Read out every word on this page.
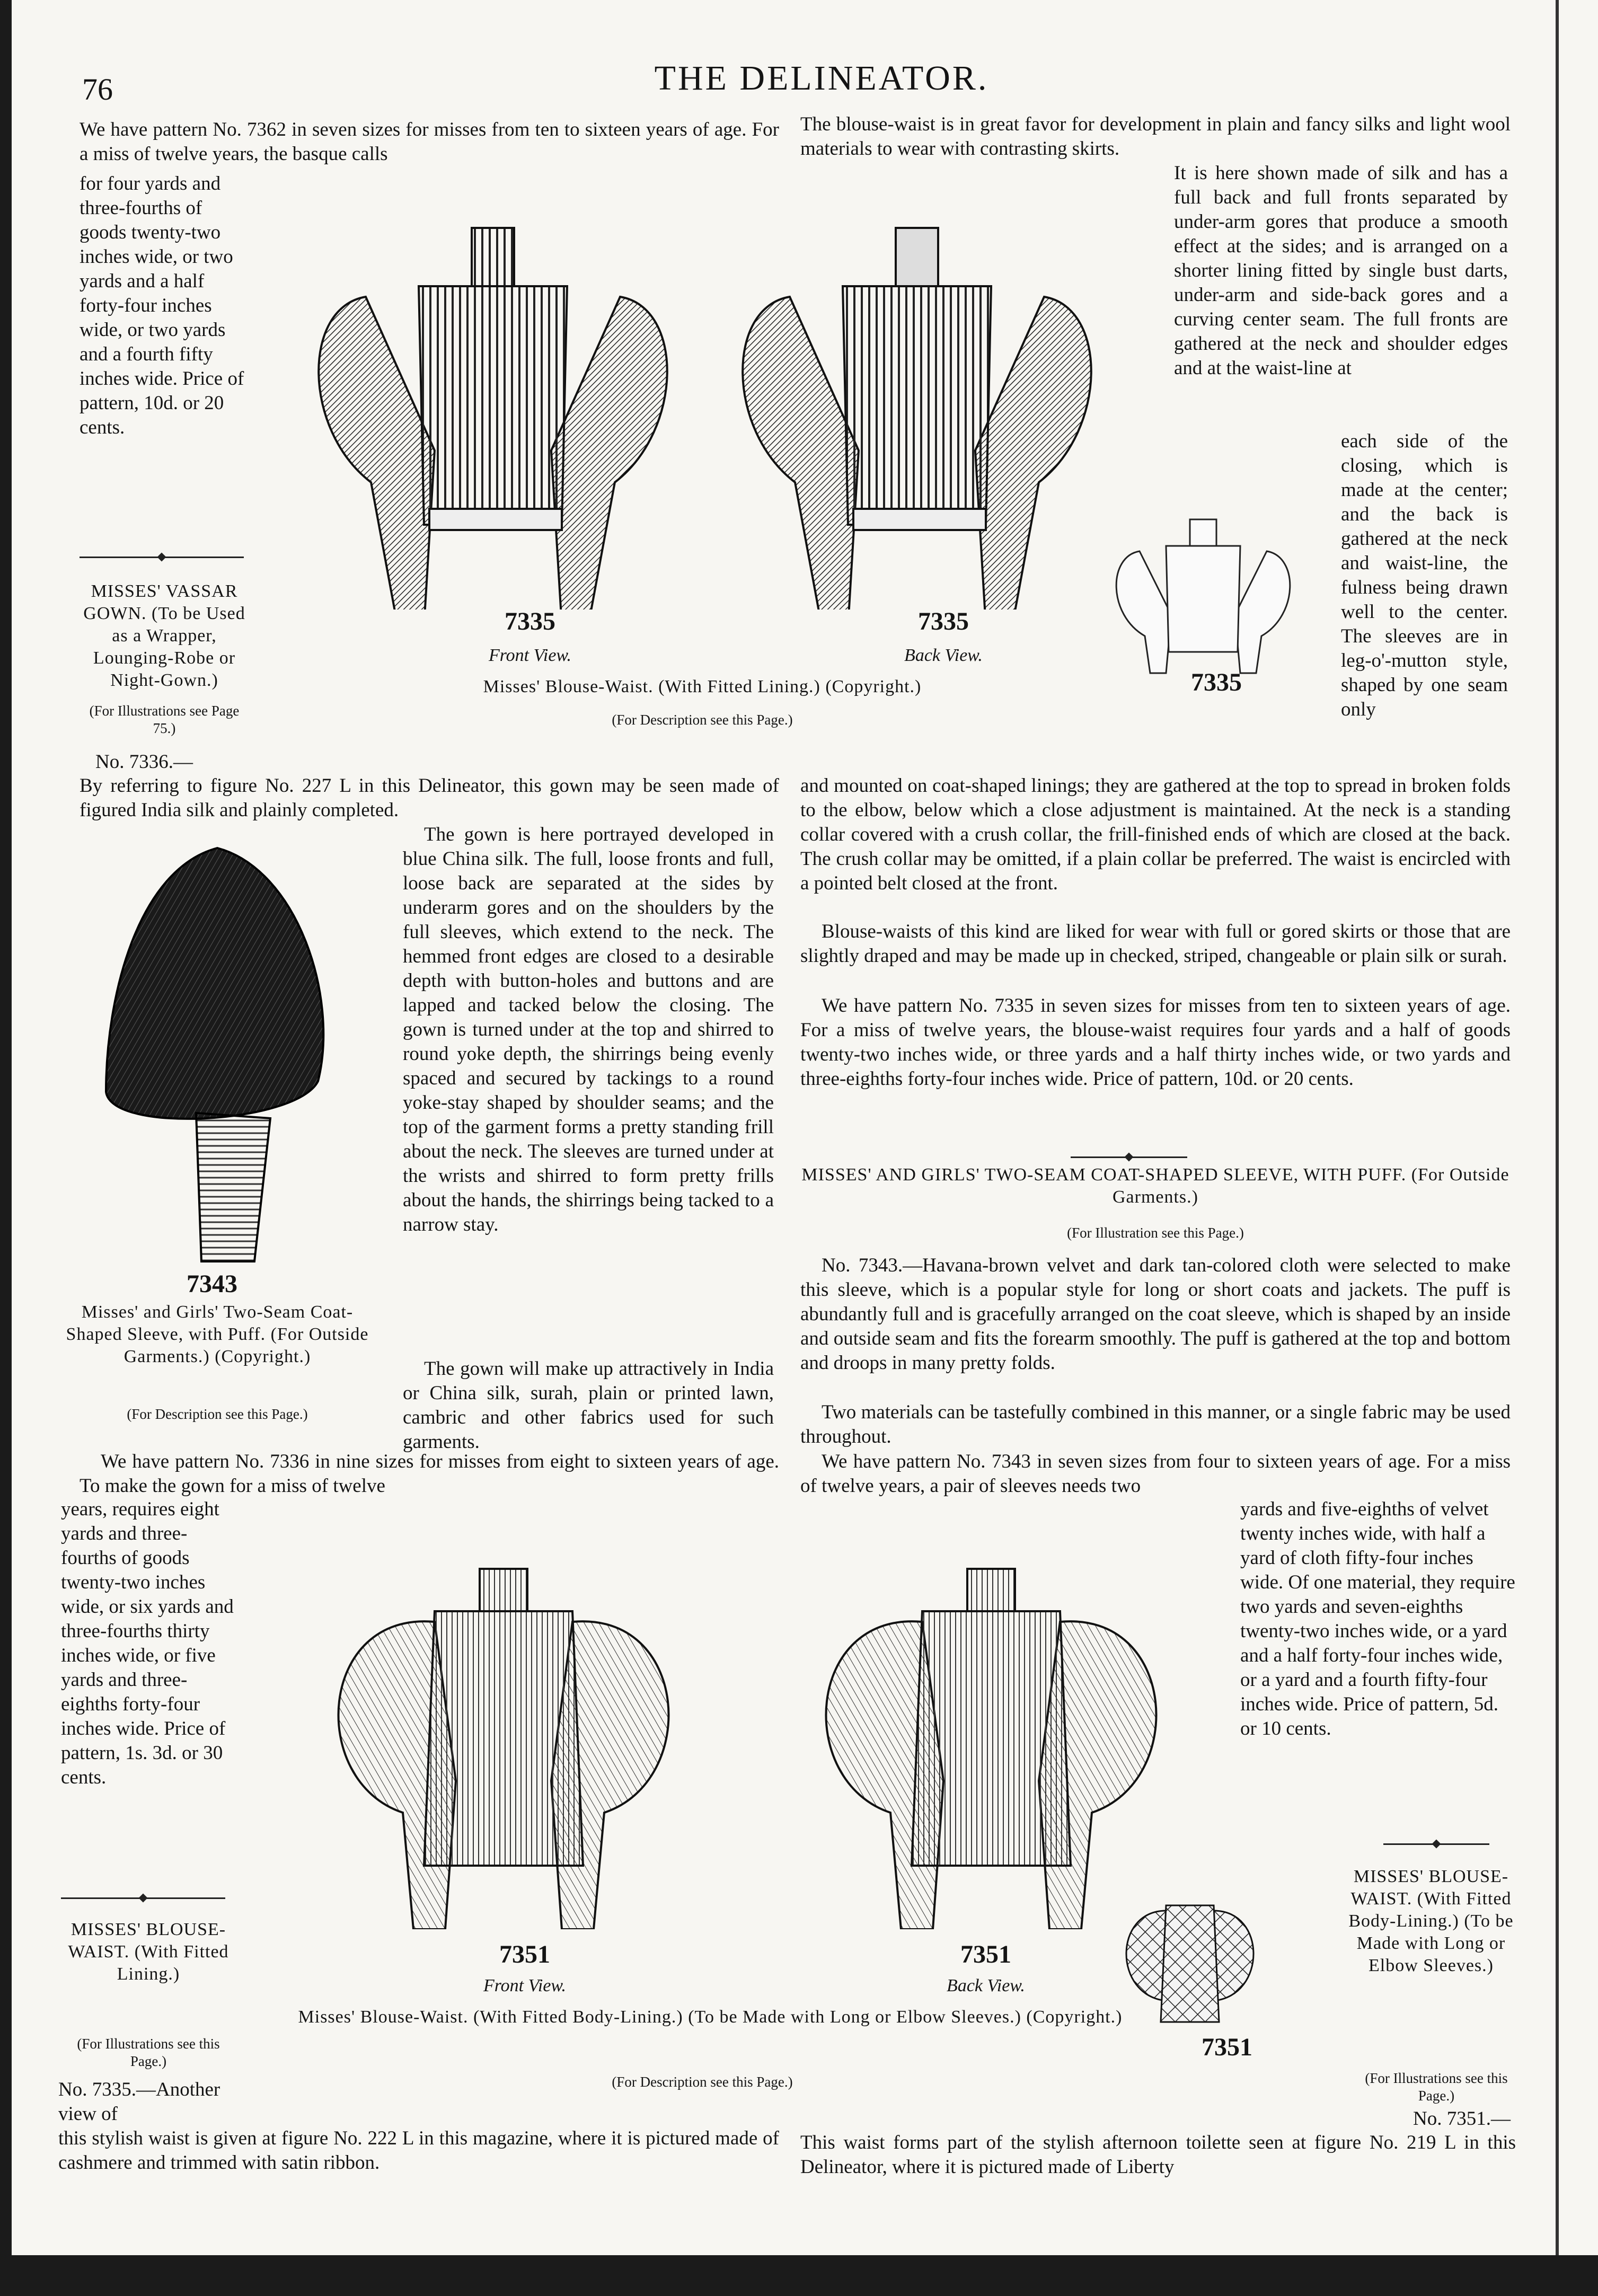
76	THE DELINEATOR.
We have pattern No. 7362 in seven sizes for misses from ten to sixteen years of age. For a miss of twelve years, the basque calls
for four yards and three-fourths of goods twenty-two inches wide, or two yards and a half forty-four inches wide, or two yards and a fourth fifty inches wide. Price of pattern, 10d. or 20 cents.
MISSES' VASSAR GOWN. (To be Used as a Wrapper, Lounging-Robe or Night-Gown.)
(For Illustrations see Page 75.)
No. 7336.—
By referring to figure No. 227 L in this Delineator, this gown may be seen made of figured India silk and plainly completed.
7335	7335
7335
Front View.	Back View.
Misses' Blouse-Waist. (With Fitted Lining.) (Copyright.)
(For Description see this Page.)
The blouse-waist is in great favor for development in plain and fancy silks and light wool materials to wear with contrasting skirts.
It is here shown made of silk and has a full back and full fronts separated by under-arm gores that produce a smooth effect at the sides; and is arranged on a shorter lining fitted by single bust darts, under-arm and side-back gores and a curving center seam. The full fronts are gathered at the neck and shoulder edges and at the waist-line at
each side of the closing, which is made at the center; and the back is gathered at the neck and waist-line, the fulness being drawn well to the center. The sleeves are in leg-o'-mutton style, shaped by one seam only
and mounted on coat-shaped linings; they are gathered at the top to spread in broken folds to the elbow, below which a close adjustment is maintained. At the neck is a standing collar covered with a crush collar, the frill-finished ends of which are closed at the back. The crush collar may be omitted, if a plain collar be preferred. The waist is encircled with a pointed belt closed at the front.
Blouse-waists of this kind are liked for wear with full or gored skirts or those that are slightly draped and may be made up in checked, striped, changeable or plain silk or surah.
We have pattern No. 7335 in seven sizes for misses from ten to sixteen years of age. For a miss of twelve years, the blouse-waist requires four yards and a half of goods twenty-two inches wide, or three yards and a half thirty inches wide, or two yards and three-eighths forty-four inches wide. Price of pattern, 10d. or 20 cents.
7343
Misses' and Girls' Two-Seam Coat-Shaped Sleeve, with Puff. (For Outside Garments.) (Copyright.)
(For Description see this Page.)
The gown is here portrayed developed in blue China silk. The full, loose fronts and full, loose back are separated at the sides by underarm gores and on the shoulders by the full sleeves, which extend to the neck. The hemmed front edges are closed to a desirable depth with button-holes and buttons and are lapped and tacked below the closing. The gown is turned under at the top and shirred to round yoke depth, the shirrings being evenly spaced and secured by tackings to a round yoke-stay shaped by shoulder seams; and the top of the garment forms a pretty standing frill about the neck. The sleeves are turned under at the wrists and shirred to form pretty frills about the hands, the shirrings being tacked to a narrow stay.
The gown will make up attractively in India or China silk, surah, plain or printed lawn, cambric and other fabrics used for such garments.
We have pattern No. 7336 in nine sizes for misses from eight to sixteen years of age. To make the gown for a miss of twelve
years, requires eight yards and three-fourths of goods twenty-two inches wide, or six yards and three-fourths thirty inches wide, or five yards and three-eighths forty-four inches wide. Price of pattern, 1s. 3d. or 30 cents.
MISSES' AND GIRLS' TWO-SEAM COAT-SHAPED SLEEVE, WITH PUFF. (For Outside Garments.)
(For Illustration see this Page.)
No. 7343.—Havana-brown velvet and dark tan-colored cloth were selected to make this sleeve, which is a popular style for long or short coats and jackets. The puff is abundantly full and is gracefully arranged on the coat sleeve, which is shaped by an inside and outside seam and fits the forearm smoothly. The puff is gathered at the top and bottom and droops in many pretty folds.
Two materials can be tastefully combined in this manner, or a single fabric may be used throughout.
We have pattern No. 7343 in seven sizes from four to sixteen years of age. For a miss of twelve years, a pair of sleeves needs two
yards and five-eighths of velvet twenty inches wide, with half a yard of cloth fifty-four inches wide. Of one material, they require two yards and seven-eighths twenty-two inches wide, or a yard and a half forty-four inches wide, or a yard and a fourth fifty-four inches wide. Price of pattern, 5d. or 10 cents.
7351	7351
7351
Front View.	Back View.
Misses' Blouse-Waist. (With Fitted Body-Lining.) (To be Made with Long or Elbow Sleeves.) (Copyright.)
(For Description see this Page.)
MISSES' BLOUSE-WAIST. (With Fitted Lining.)
(For Illustrations see this Page.)
No. 7335.—Another view of
this stylish waist is given at figure No. 222 L in this magazine, where it is pictured made of cashmere and trimmed with satin ribbon.
MISSES' BLOUSE-WAIST. (With Fitted Body-Lining.) (To be Made with Long or Elbow Sleeves.)
(For Illustrations see this Page.)
No. 7351.—
This waist forms part of the stylish afternoon toilette seen at figure No. 219 L in this Delineator, where it is pictured made of Liberty
